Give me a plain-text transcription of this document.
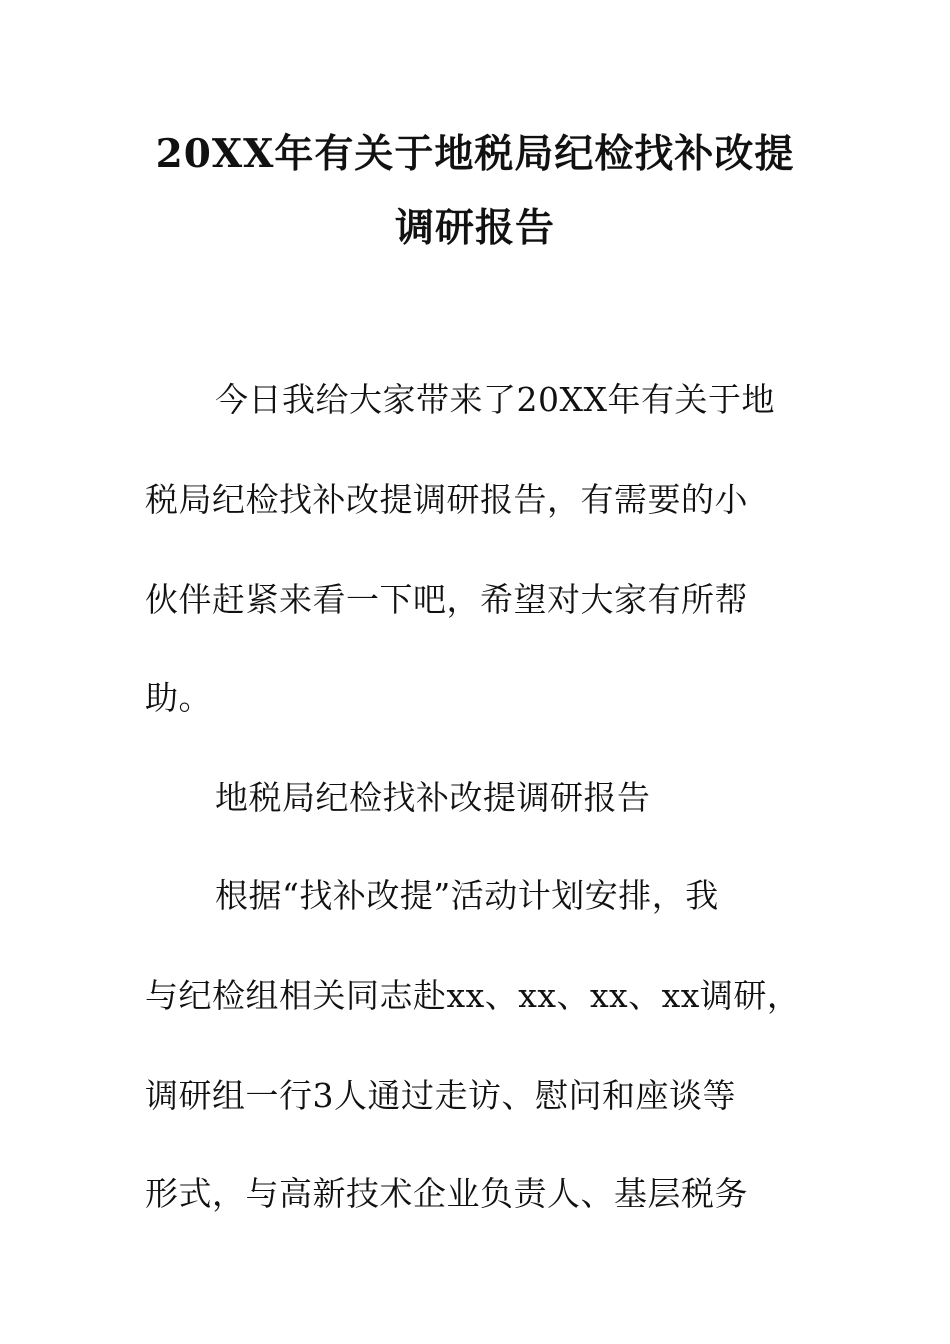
20XX年有关于地税局纪检找补改提
调研报告
今日我给大家带来了20XX年有关于地
税局纪检找补改提调研报告，有需要的小
伙伴赶紧来看一下吧，希望对大家有所帮
助。
地税局纪检找补改提调研报告
根据“找补改提”活动计划安排，我
与纪检组相关同志赴xx、xx、xx、xx调研，
调研组一行3人通过走访、慰问和座谈等
形式，与高新技术企业负责人、基层税务
